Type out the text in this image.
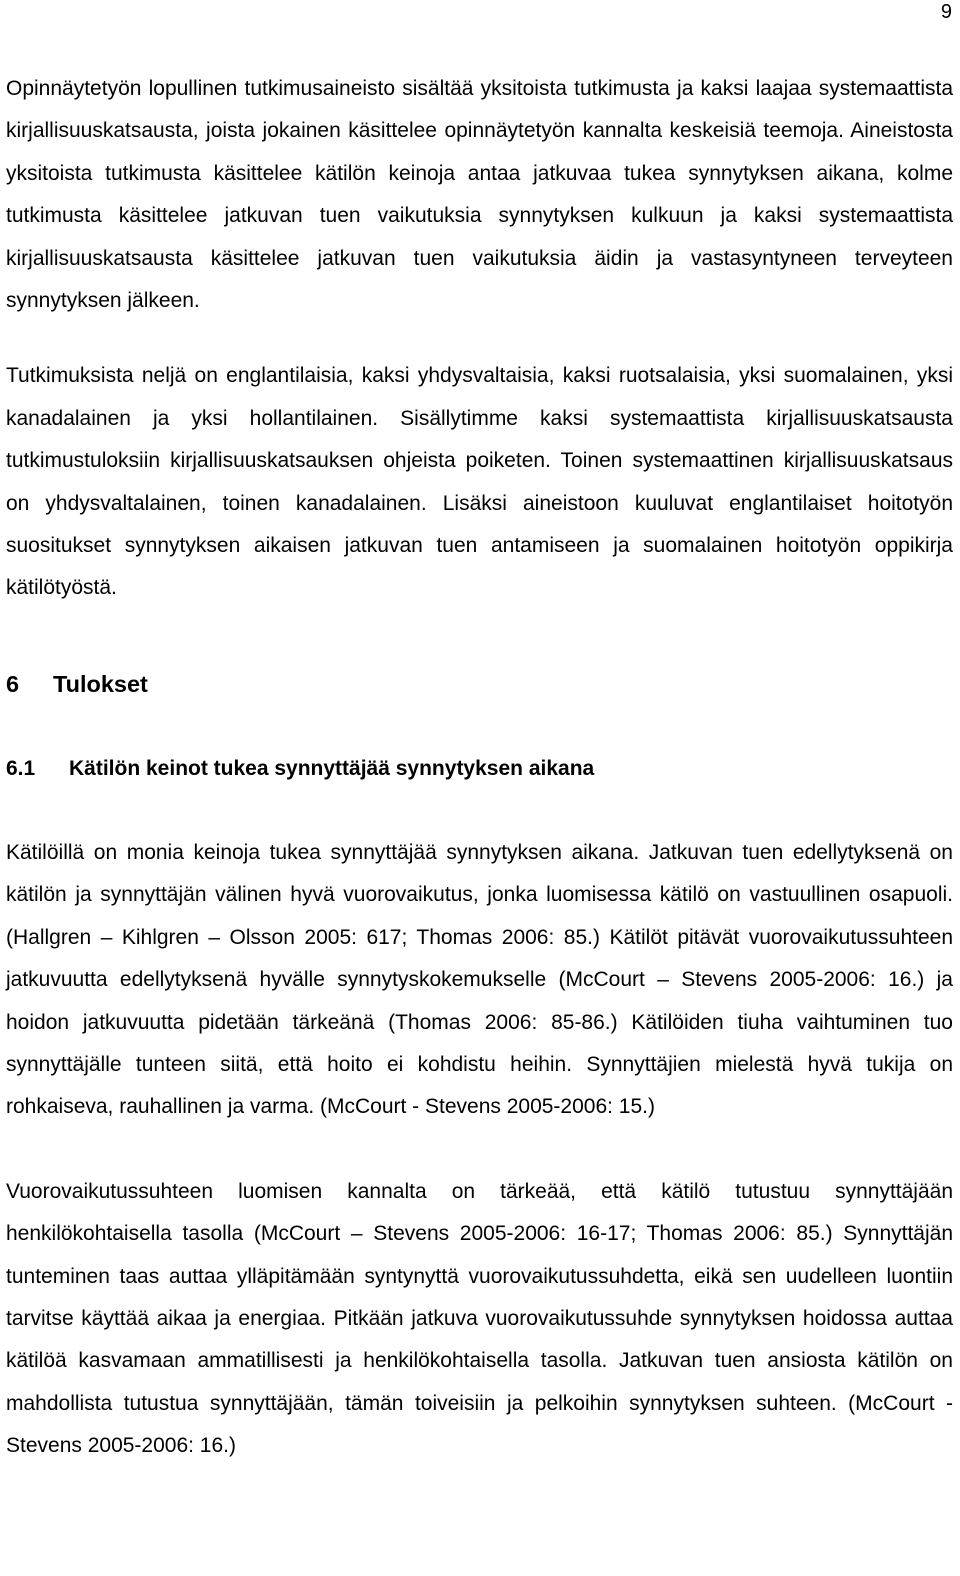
9

Opinnäytetyön lopullinen tutkimusaineisto sisältää yksitoista tutkimusta ja kaksi laajaa systemaattista kirjallisuuskatsausta, joista jokainen käsittelee opinnäytetyön kannalta keskeisiä teemoja. Aineistosta yksitoista tutkimusta käsittelee kätilön keinoja antaa jatkuvaa tukea synnytyksen aikana, kolme tutkimusta käsittelee jatkuvan tuen vaikutuksia synnytyksen kulkuun ja kaksi systemaattista kirjallisuuskatsausta käsittelee jatkuvan tuen vaikutuksia äidin ja vastasyntyneen terveyteen synnytyksen jälkeen.

Tutkimuksista neljä on englantilaisia, kaksi yhdysvaltaisia, kaksi ruotsalaisia, yksi suomalainen, yksi kanadalainen ja yksi hollantilainen. Sisällytimme kaksi systemaattista kirjallisuuskatsausta tutkimustuloksiin kirjallisuuskatsauksen ohjeista poiketen. Toinen systemaattinen kirjallisuuskatsaus on yhdysvaltalainen, toinen kanadalainen. Lisäksi aineistoon kuuluvat englantilaiset hoitotyön suositukset synnytyksen aikaisen jatkuvan tuen antamiseen ja suomalainen hoitotyön oppikirja kätilötyöstä.

6 Tulokset
6.1 Kätilön keinot tukea synnyttäjää synnytyksen aikana

Kätilöillä on monia keinoja tukea synnyttäjää synnytyksen aikana. Jatkuvan tuen edellytyksenä on kätilön ja synnyttäjän välinen hyvä vuorovaikutus, jonka luomisessa kätilö on vastuullinen osapuoli. (Hallgren – Kihlgren – Olsson 2005: 617; Thomas 2006: 85.) Kätilöt pitävät vuorovaikutussuhteen jatkuvuutta edellytyksenä hyvälle synnytyskokemukselle (McCourt – Stevens 2005-2006: 16.) ja hoidon jatkuvuutta pidetään tärkeänä (Thomas 2006: 85-86.) Kätilöiden tiuha vaihtuminen tuo synnyttäjälle tunteen siitä, että hoito ei kohdistu heihin. Synnyttäjien mielestä hyvä tukija on rohkaiseva, rauhallinen ja varma. (McCourt - Stevens 2005-2006: 15.)

Vuorovaikutussuhteen luomisen kannalta on tärkeää, että kätilö tutustuu synnyttäjään henkilökohtaisella tasolla (McCourt – Stevens 2005-2006: 16-17; Thomas 2006: 85.) Synnyttäjän tunteminen taas auttaa ylläpitämään syntynyttä vuorovaikutussuhdetta, eikä sen uudelleen luontiin tarvitse käyttää aikaa ja energiaa. Pitkään jatkuva vuorovaikutussuhde synnytyksen hoidossa auttaa kätilöä kasvamaan ammatillisesti ja henkilökohtaisella tasolla. Jatkuvan tuen ansiosta kätilön on mahdollista tutustua synnyttäjään, tämän toiveisiin ja pelkoihin synnytyksen suhteen. (McCourt - Stevens 2005-2006: 16.)
